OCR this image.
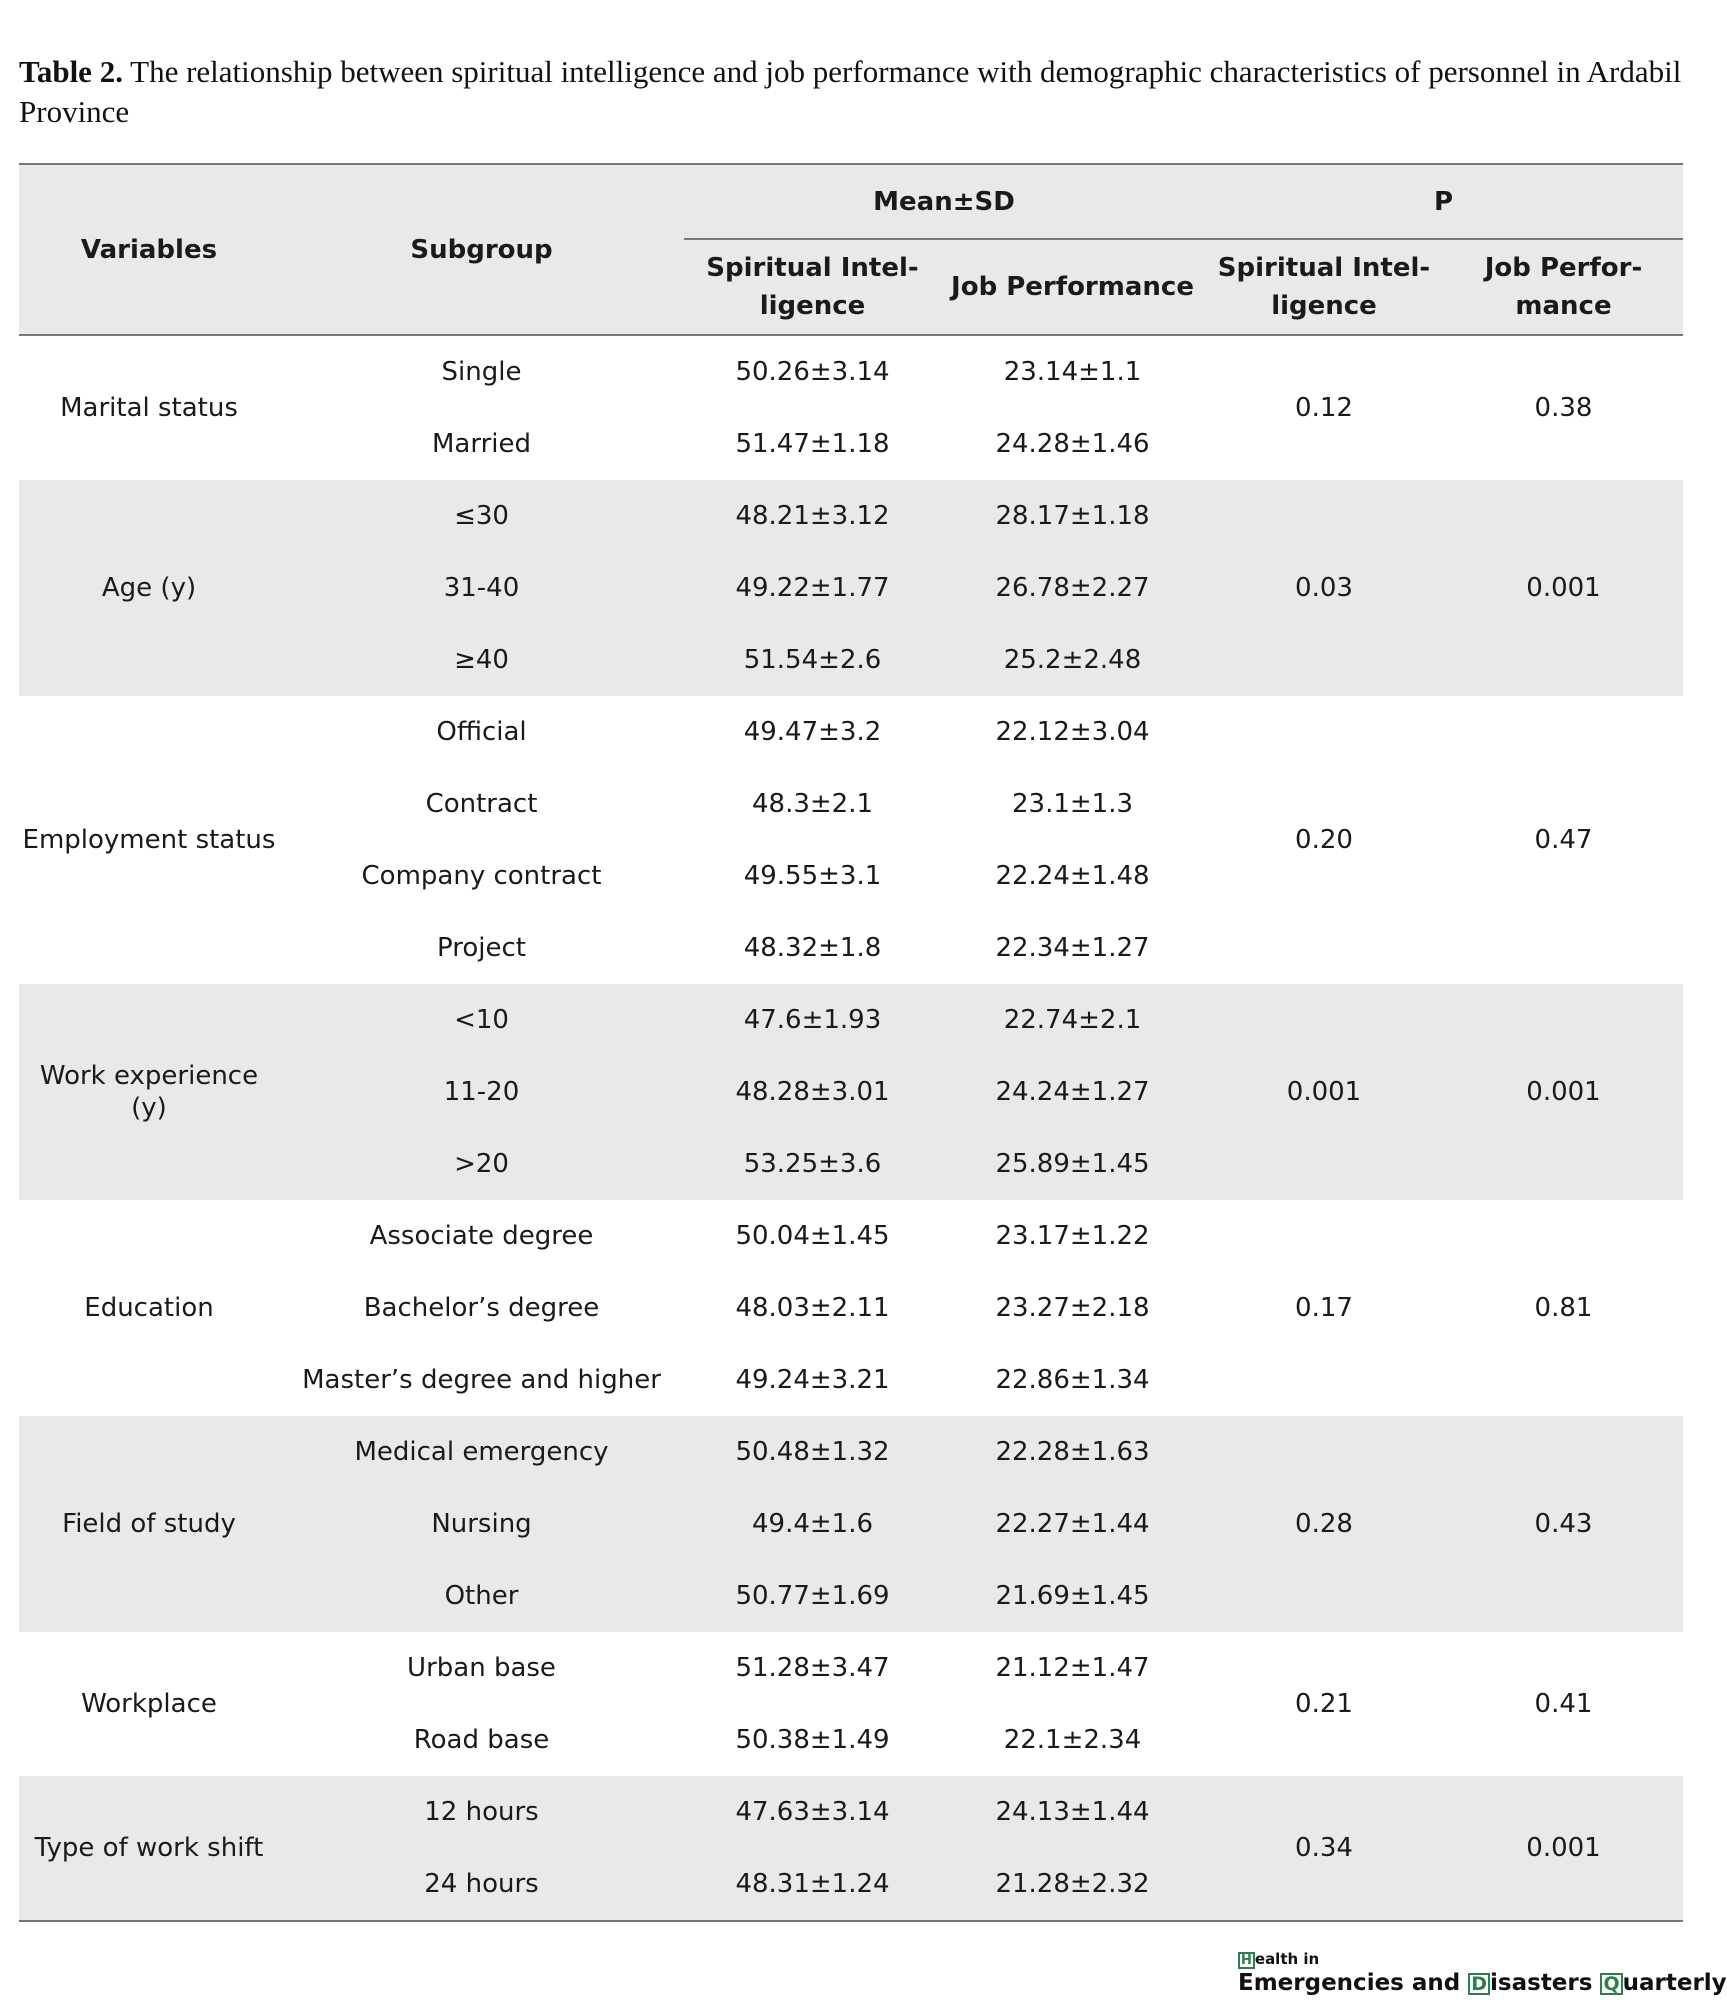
Table 2. The relationship between spiritual intelligence and job performance with demographic characteristics of personnel in Ardabil Province
Variables	Subgroup	Mean±SD		P	
		Spiritual Intel-ligence	Job Performance	Spiritual Intel-ligence	Job Perfor-mance
Marital status	Single	50.26±3.14	23.14±1.1	0.12	0.38
	Married	51.47±1.18	24.28±1.46		
Age (y)	≤30	48.21±3.12	28.17±1.18	0.03	0.001
	31-40	49.22±1.77	26.78±2.27		
	≥40	51.54±2.6	25.2±2.48		
Employment status	Official	49.47±3.2	22.12±3.04	0.20	0.47
	Contract	48.3±2.1	23.1±1.3		
	Company contract	49.55±3.1	22.24±1.48		
	Project	48.32±1.8	22.34±1.27		
Work experience (y)	<10	47.6±1.93	22.74±2.1	0.001	0.001
	11-20	48.28±3.01	24.24±1.27		
	>20	53.25±3.6	25.89±1.45		
Education	Associate degree	50.04±1.45	23.17±1.22	0.17	0.81
	Bachelor’s degree	48.03±2.11	23.27±2.18		
	Master’s degree and higher	49.24±3.21	22.86±1.34		
Field of study	Medical emergency	50.48±1.32	22.28±1.63	0.28	0.43
	Nursing	49.4±1.6	22.27±1.44		
	Other	50.77±1.69	21.69±1.45		
Workplace	Urban base	51.28±3.47	21.12±1.47	0.21	0.41
	Road base	50.38±1.49	22.1±2.34		
Type of work shift	12 hours	47.63±3.14	24.13±1.44	0.34	0.001
	24 hours	48.31±1.24	21.28±2.32		
H ealth in
Emergencies and D isasters Q uarterly
